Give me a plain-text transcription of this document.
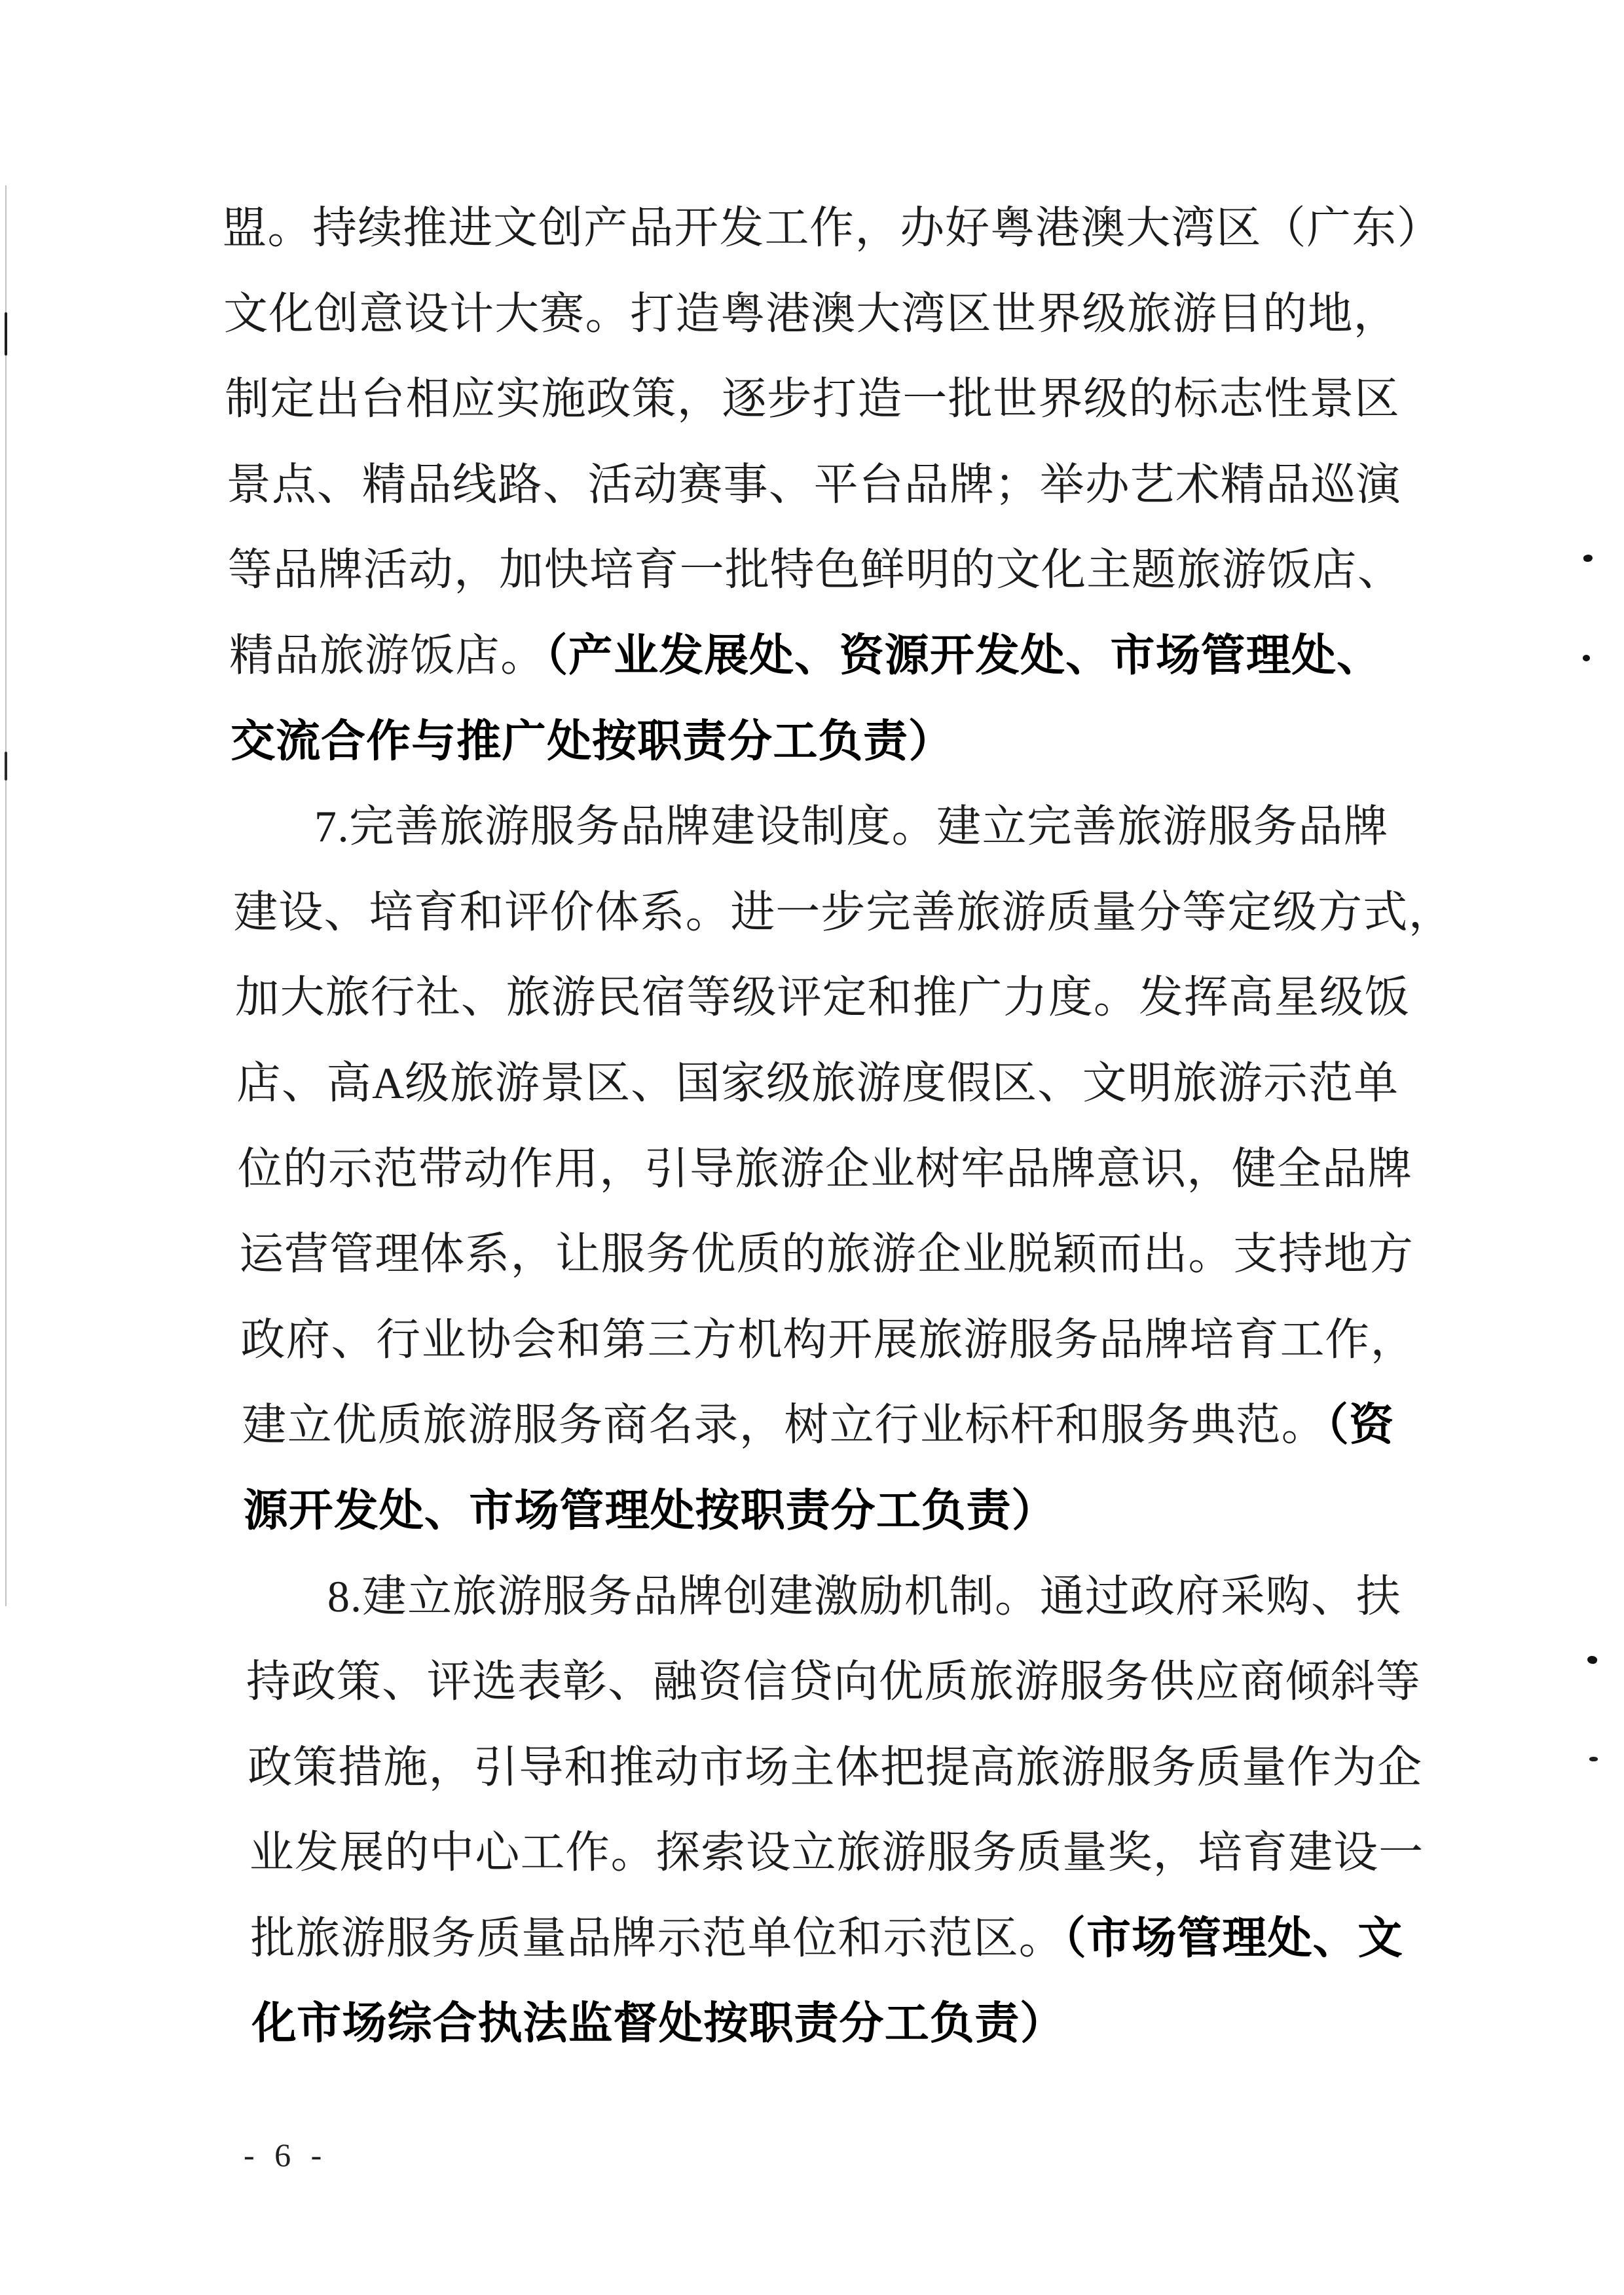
盟。持续推进文创产品开发工作，办好粤港澳大湾区（广东）
文化创意设计大赛。打造粤港澳大湾区世界级旅游目的地，
制定出台相应实施政策，逐步打造一批世界级的标志性景区
景点、精品线路、活动赛事、平台品牌；举办艺术精品巡演
等品牌活动，加快培育一批特色鲜明的文化主题旅游饭店、
精品旅游饭店。（产业发展处、资源开发处、市场管理处、
交流合作与推广处按职责分工负责）
7.完善旅游服务品牌建设制度。建立完善旅游服务品牌
建设、培育和评价体系。进一步完善旅游质量分等定级方式，
加大旅行社、旅游民宿等级评定和推广力度。发挥高星级饭
店、高A级旅游景区、国家级旅游度假区、文明旅游示范单
位的示范带动作用，引导旅游企业树牢品牌意识，健全品牌
运营管理体系，让服务优质的旅游企业脱颖而出。支持地方
政府、行业协会和第三方机构开展旅游服务品牌培育工作，
建立优质旅游服务商名录，树立行业标杆和服务典范。（资
源开发处、市场管理处按职责分工负责）
8.建立旅游服务品牌创建激励机制。通过政府采购、扶
持政策、评选表彰、融资信贷向优质旅游服务供应商倾斜等
政策措施，引导和推动市场主体把提高旅游服务质量作为企
业发展的中心工作。探索设立旅游服务质量奖，培育建设一
批旅游服务质量品牌示范单位和示范区。（市场管理处、文
化市场综合执法监督处按职责分工负责）
- 6 -
